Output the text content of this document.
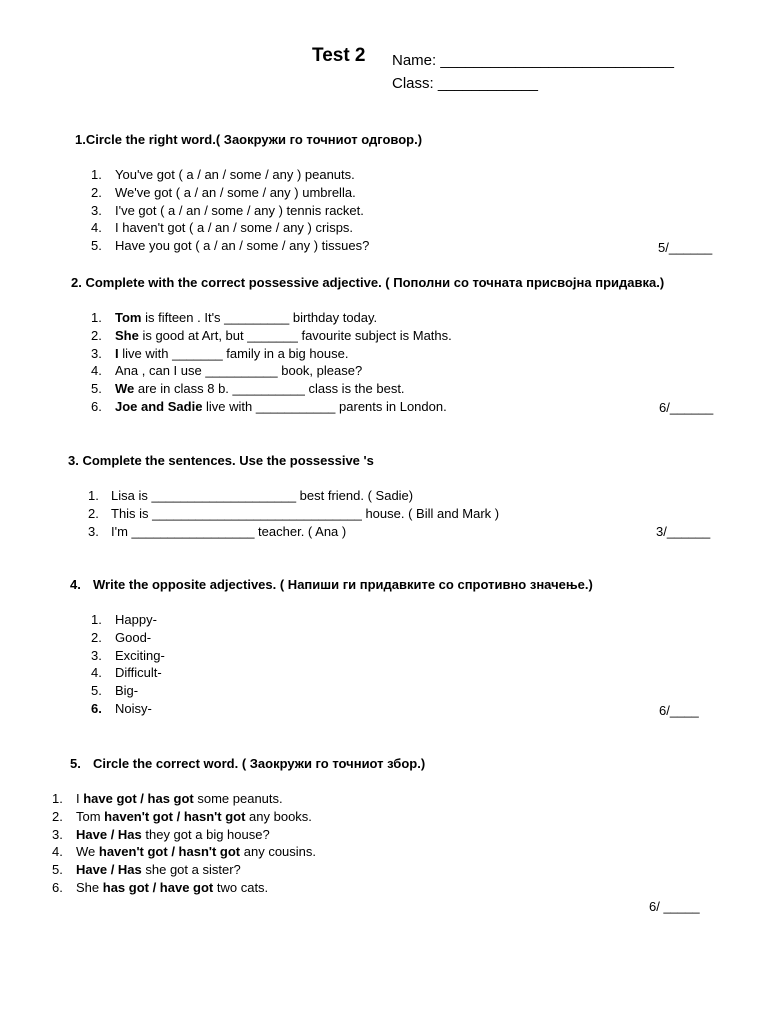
Test 2 Name: ____________________________
Class: ____________
1.Circle the right word.( Заокружи го точниот одговор.)
1. You've got ( a / an / some / any ) peanuts.
2. We've got ( a / an / some / any ) umbrella.
3. I've got ( a / an / some / any ) tennis racket.
4. I haven't got ( a / an / some / any ) crisps.
5. Have you got ( a / an / some / any ) tissues?	5/______
2. Complete with the correct possessive adjective. ( Пополни со точната присвојна придавка.)
1. Tom is fifteen . It's _________ birthday today.
2. She is good at Art, but _______ favourite subject is Maths.
3. I live with _______ family in a big house.
4. Ana , can I use __________ book, please?
5. We are in class 8 b. __________ class is the best.
6. Joe and Sadie live with ___________ parents in London.	6/______
3. Complete the sentences. Use the possessive 's
1. Lisa is ____________________ best friend. ( Sadie)
2. This is _____________________________ house. ( Bill and Mark )
3. I'm _________________ teacher. ( Ana )	3/______
4. Write the opposite adjectives. ( Напиши ги придавките со спротивно значење.)
1. Happy-
2. Good-
3. Exciting-
4. Difficult-
5. Big-
6. Noisy-	6/____
5. Circle the correct word. ( Заокружи го точниот збор.)
1. I have got / has got some peanuts.
2. Tom haven't got / hasn't got any books.
3. Have / Has they got a big house?
4. We haven't got / hasn't got any cousins.
5. Have / Has she got a sister?
6. She has got / have got two cats.
6/ _____
